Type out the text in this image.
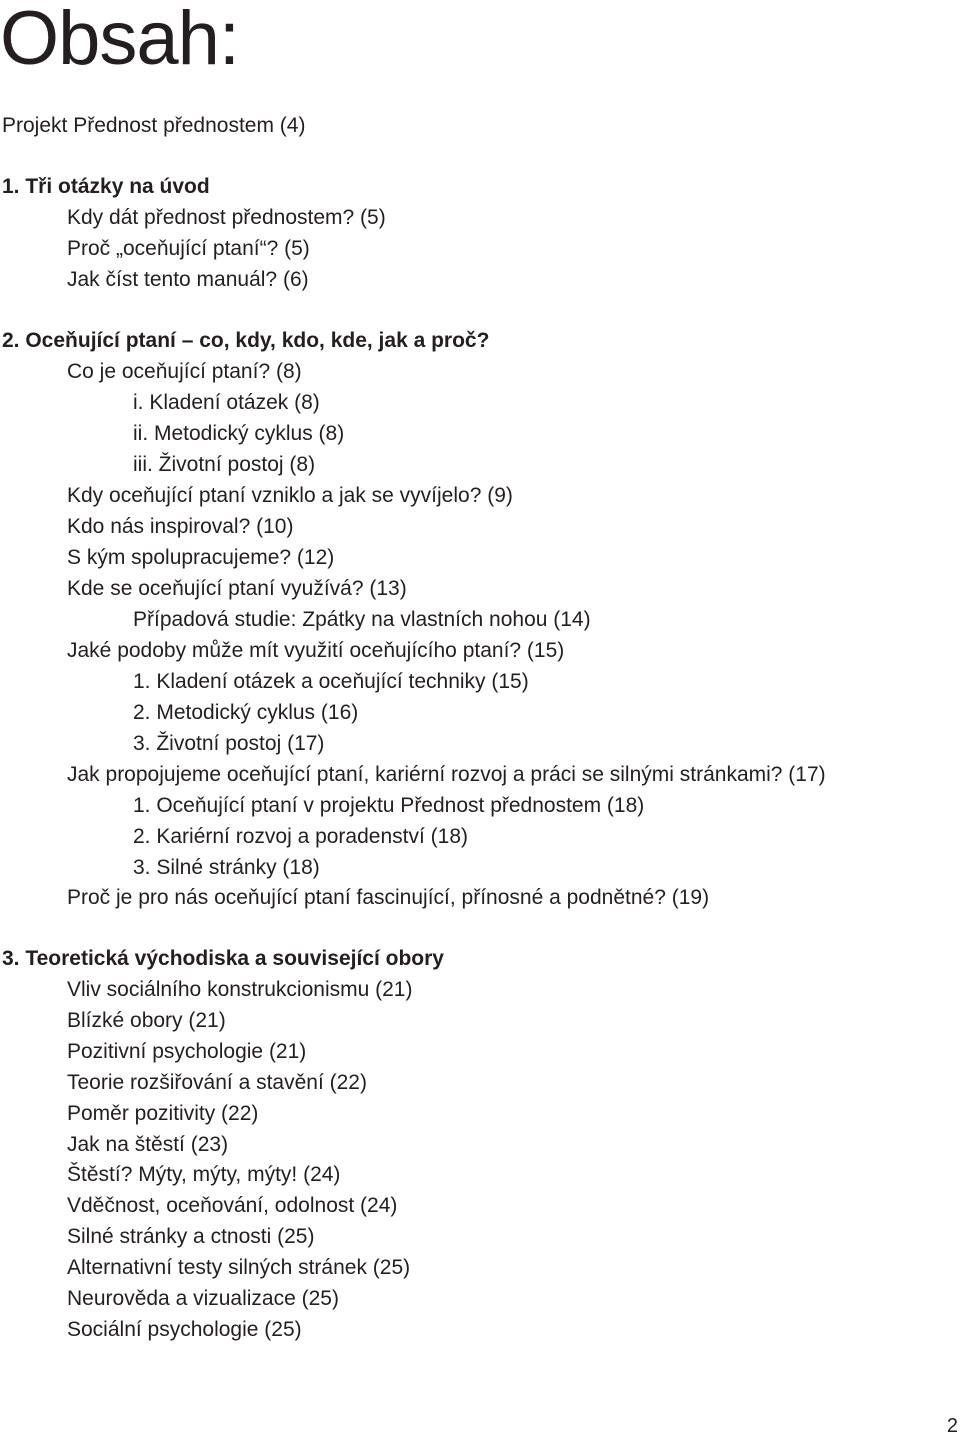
Obsah:
Projekt Přednost přednostem (4)
1. Tři otázky na úvod
Kdy dát přednost přednostem? (5)
Proč „oceňující ptaní“? (5)
Jak číst tento manuál? (6)
2. Oceňující ptaní – co, kdy, kdo, kde, jak a proč?
Co je oceňující ptaní? (8)
i. Kladení otázek (8)
ii. Metodický cyklus (8)
iii. Životní postoj (8)
Kdy oceňující ptaní vzniklo a jak se vyvíjelo? (9)
Kdo nás inspiroval? (10)
S kým spolupracujeme? (12)
Kde se oceňující ptaní využívá? (13)
Případová studie: Zpátky na vlastních nohou (14)
Jaké podoby může mít využití oceňujícího ptaní? (15)
1. Kladení otázek a oceňující techniky (15)
2. Metodický cyklus (16)
3. Životní postoj (17)
Jak propojujeme oceňující ptaní, kariérní rozvoj a práci se silnými stránkami? (17)
1. Oceňující ptaní v projektu Přednost přednostem (18)
2. Kariérní rozvoj a poradenství (18)
3. Silné stránky (18)
Proč je pro nás oceňující ptaní fascinující, přínosné a podnětné? (19)
3. Teoretická východiska a související obory
Vliv sociálního konstrukcionismu (21)
Blízké obory (21)
Pozitivní psychologie (21)
Teorie rozšiřování a stavění (22)
Poměr pozitivity (22)
Jak na štěstí (23)
Štěstí? Mýty, mýty, mýty! (24)
Vděčnost, oceňování, odolnost (24)
Silné stránky a ctnosti (25)
Alternativní testy silných stránek (25)
Neurověda a vizualizace (25)
Sociální psychologie (25)
2
